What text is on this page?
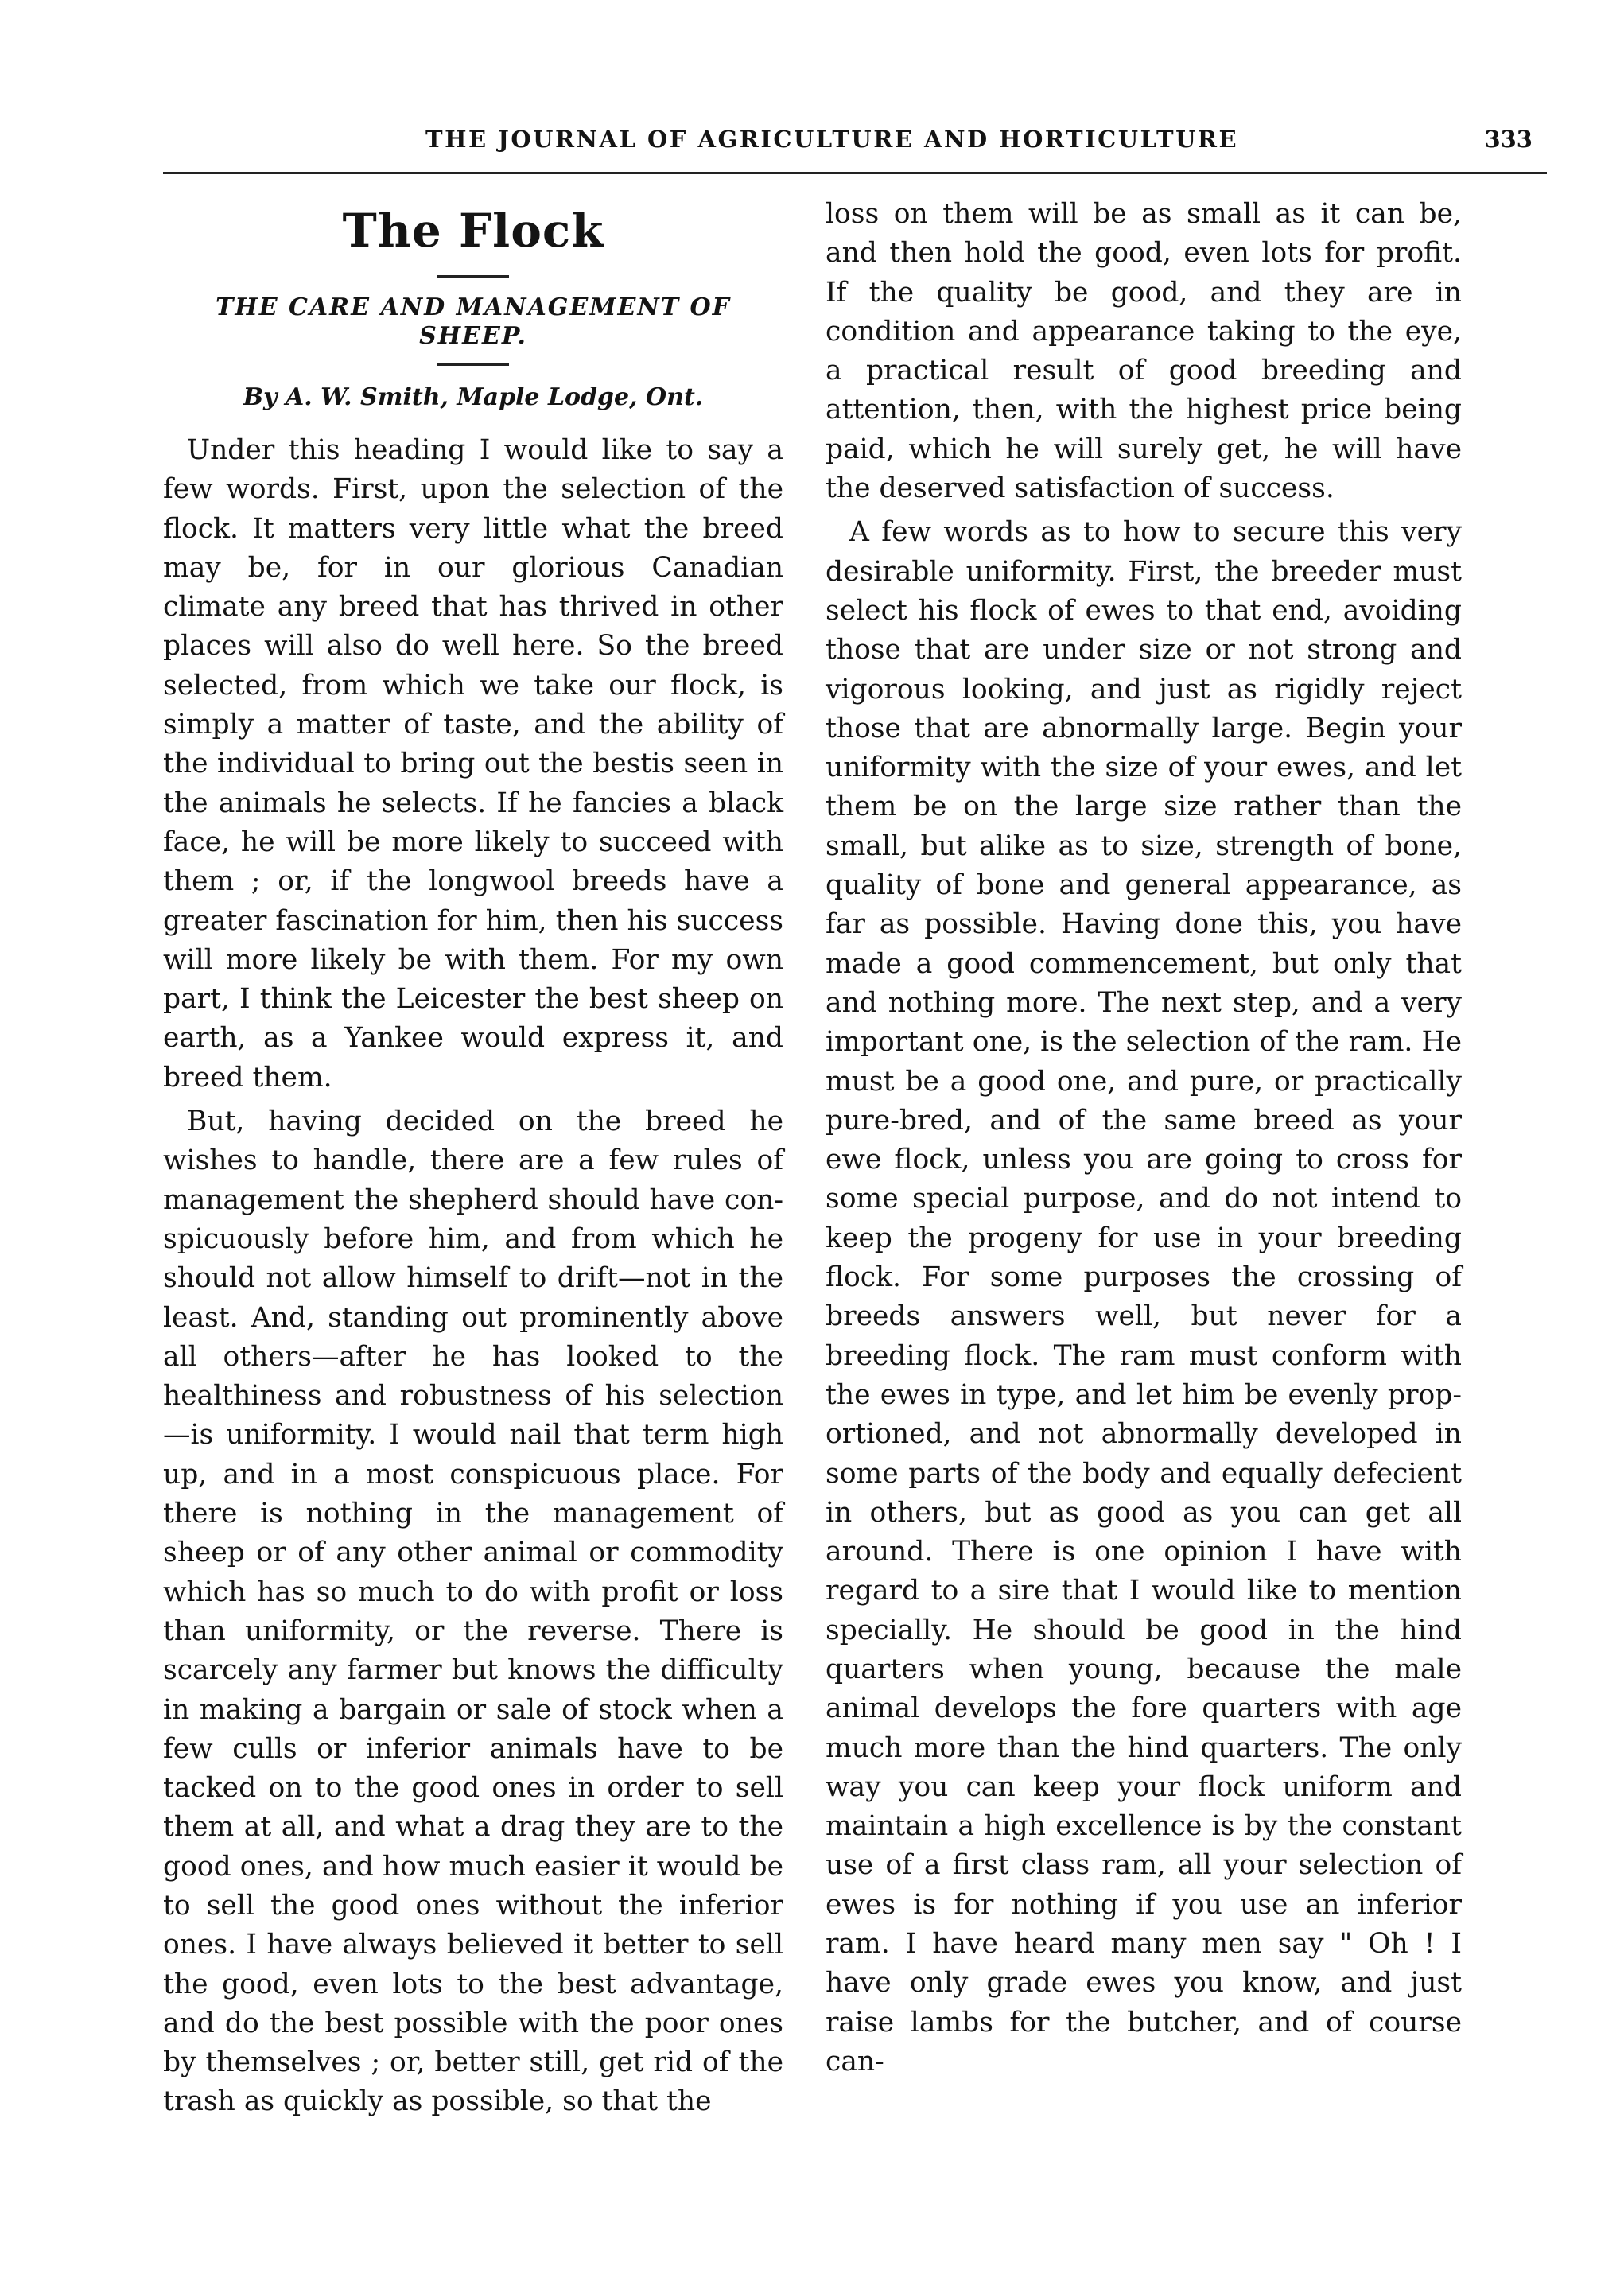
THE JOURNAL OF AGRICULTURE AND HORTICULTURE	333
The Flock
THE CARE AND MANAGEMENT OF SHEEP.
By A. W. Smith, Maple Lodge, Ont.

Under this heading I would like to say a few words. First, upon the selection of the flock. It matters very little what the breed may be, for in our glorious Canadian climate any breed that has thrived in other places will also do well here. So the breed selected, from which we take our flock, is simply a matter of taste, and the ability of the individual to bring out the bestis seen in the animals he selects. If he fancies a black face, he will be more likely to succeed with them ; or, if the longwool breeds have a greater fascination for him, then his success will more likely be with them. For my own part, I think the Leicester the best sheep on earth, as a Yankee would express it, and breed them.

But, having decided on the breed he wishes to handle, there are a few rules of management the shepherd should have conspicuously before him, and from which he should not allow himself to drift—not in the least. And, standing out prominently above all others—after he has looked to the healthiness and robustness of his selection—is uniformity. I would nail that term high up, and in a most conspicuous place. For there is nothing in the management of sheep or of any other animal or commodity which has so much to do with profit or loss than uniformity, or the reverse. There is scarcely any farmer but knows the difficulty in making a bargain or sale of stock when a few culls or inferior animals have to be tacked on to the good ones in order to sell them at all, and what a drag they are to the good ones, and how much easier it would be to sell the good ones without the inferior ones. I have always believed it better to sell the good, even lots to the best advantage, and do the best possible with the poor ones by themselves ; or, better still, get rid of the trash as quickly as possible, so that the

loss on them will be as small as it can be, and then hold the good, even lots for profit. If the quality be good, and they are in condition and appearance taking to the eye, a practical result of good breeding and attention, then, with the highest price being paid, which he will surely get, he will have the deserved satisfaction of success.

A few words as to how to secure this very desirable uniformity. First, the breeder must select his flock of ewes to that end, avoiding those that are under size or not strong and vigorous looking, and just as rigidly reject those that are abnormally large. Begin your uniformity with the size of your ewes, and let them be on the large size rather than the small, but alike as to size, strength of bone, quality of bone and general appearance, as far as possible. Having done this, you have made a good commencement, but only that and nothing more. The next step, and a very important one, is the selection of the ram. He must be a good one, and pure, or practically pure-bred, and of the same breed as your ewe flock, unless you are going to cross for some special purpose, and do not intend to keep the progeny for use in your breeding flock. For some purposes the crossing of breeds answers well, but never for a breeding flock. The ram must conform with the ewes in type, and let him be evenly proportioned, and not abnormally developed in some parts of the body and equally defecient in others, but as good as you can get all around. There is one opinion I have with regard to a sire that I would like to mention specially. He should be good in the hind quarters when young, because the male animal develops the fore quarters with age much more than the hind quarters. The only way you can keep your flock uniform and maintain a high excellence is by the constant use of a first class ram, all your selection of ewes is for nothing if you use an inferior ram. I have heard many men say " Oh ! I have only grade ewes you know, and just raise lambs for the butcher, and of course can-
